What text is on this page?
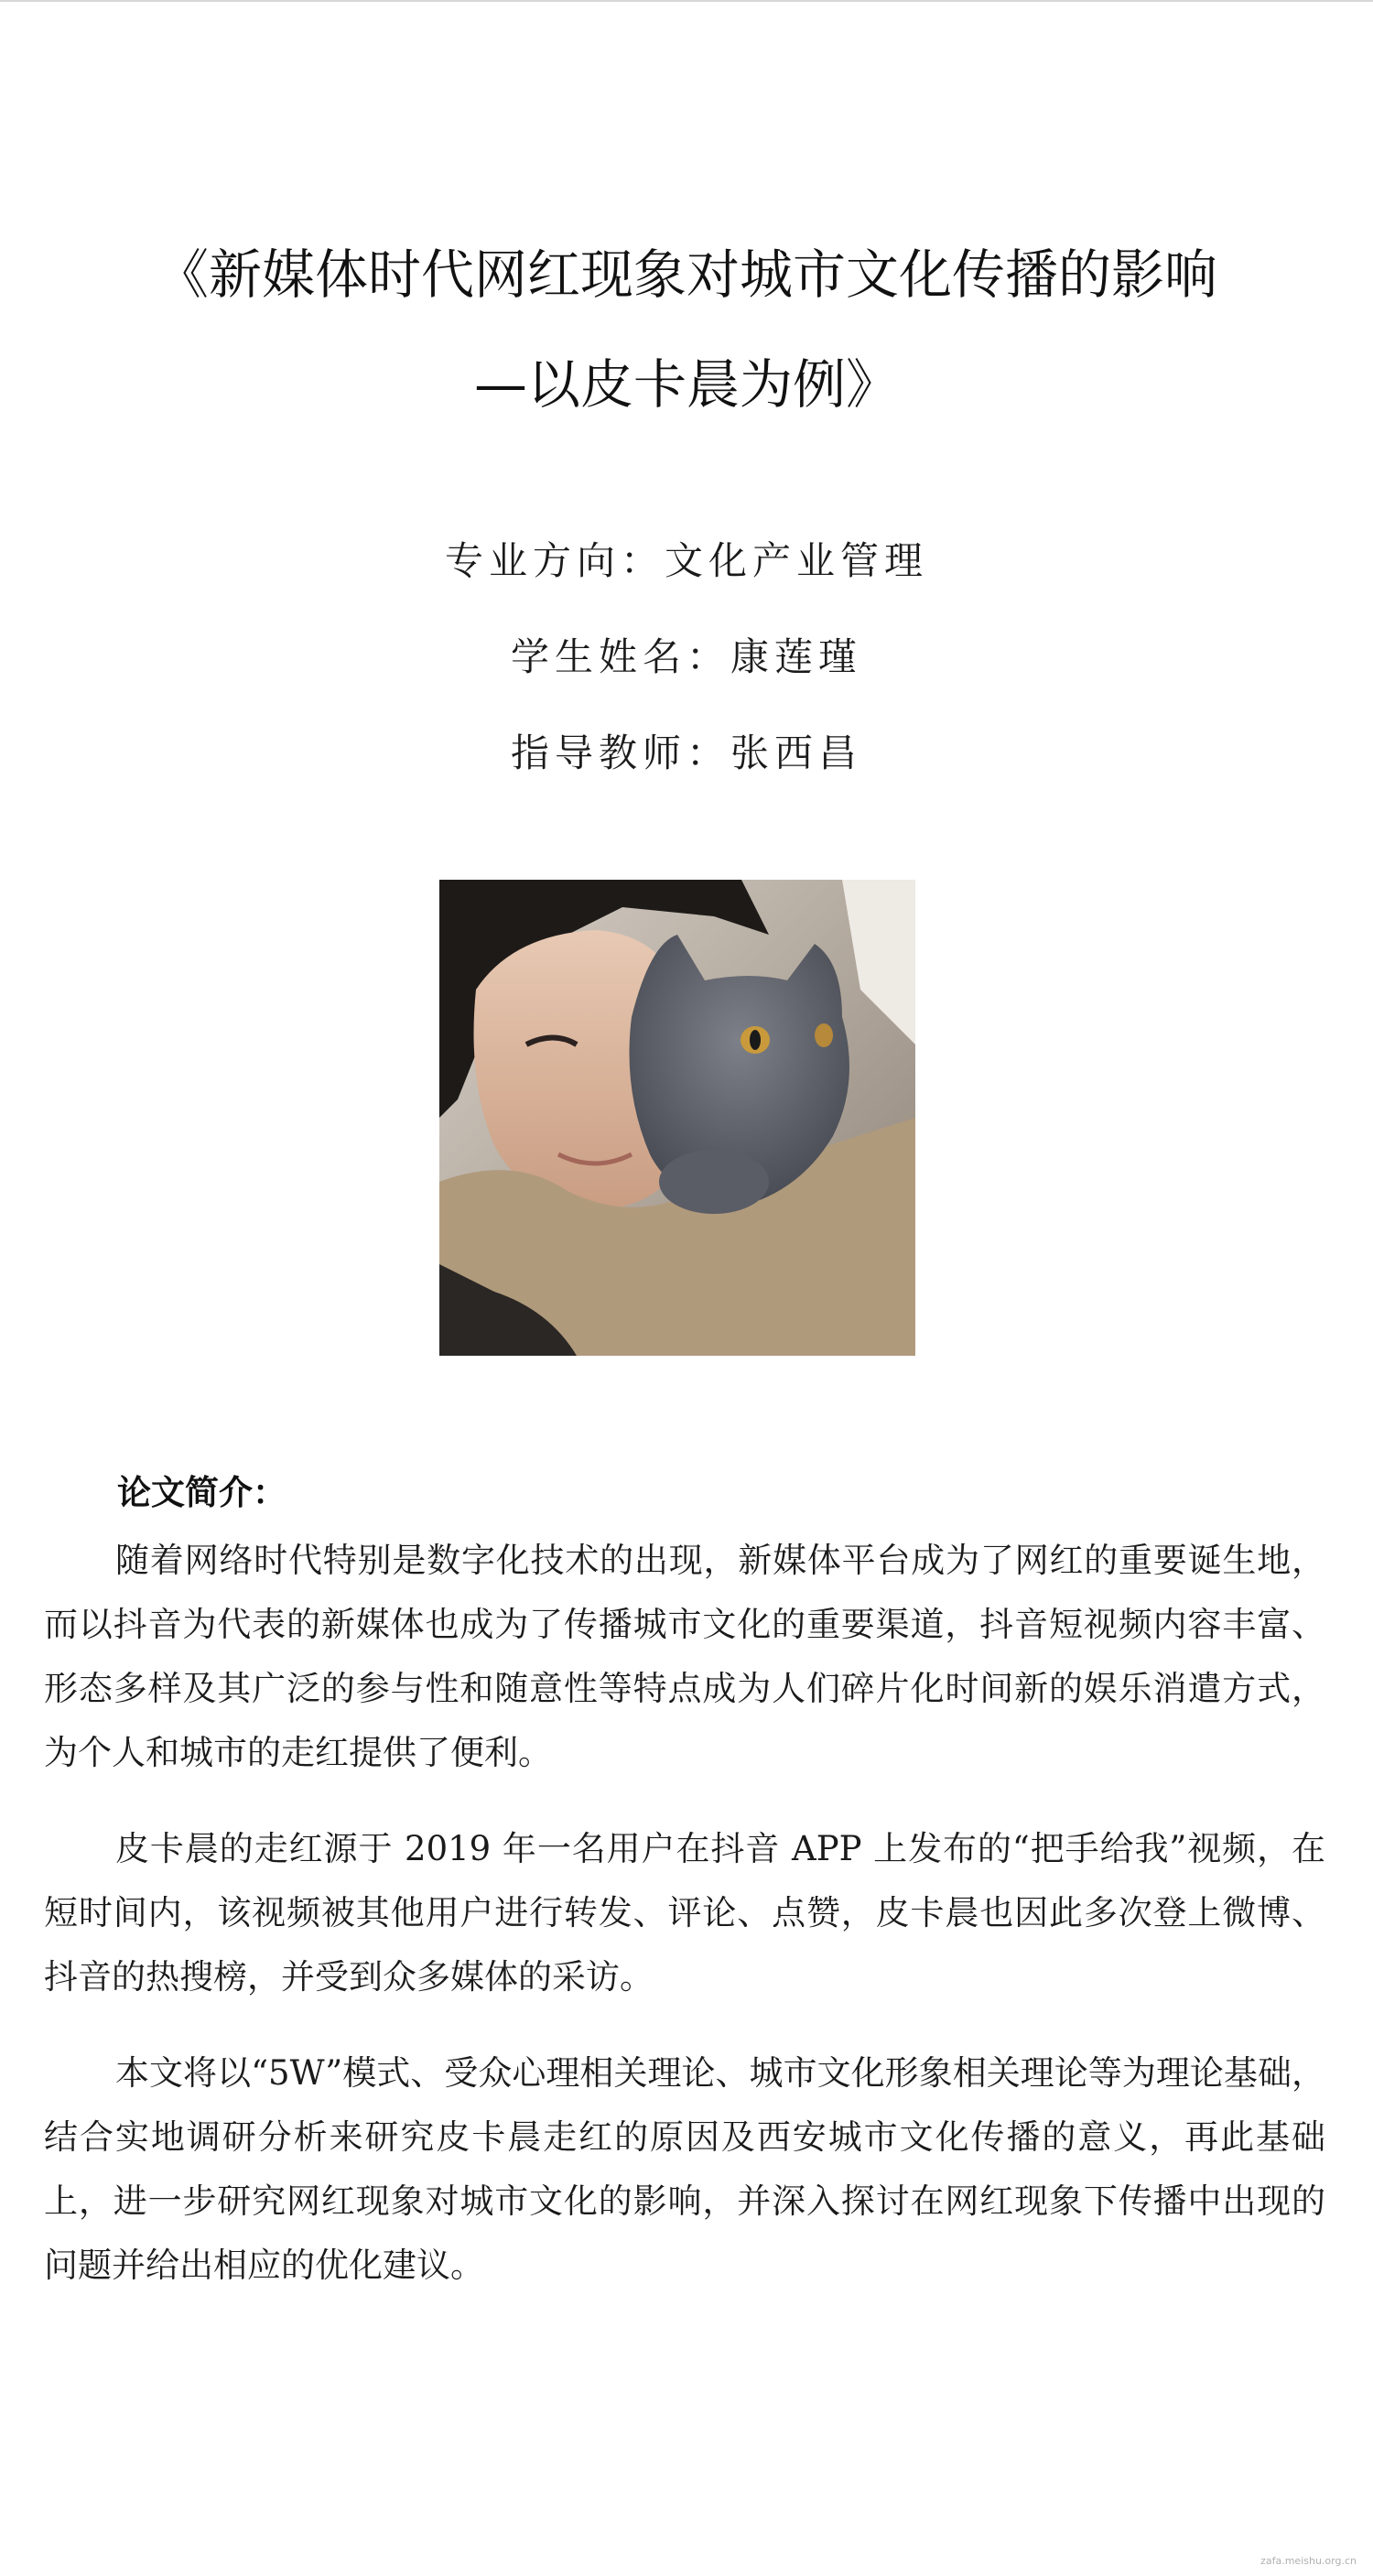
《新媒体时代网红现象对城市文化传播的影响
—以皮卡晨为例》
专业方向：文化产业管理
学生姓名：康莲瑾
指导教师：张西昌
论文简介：
随着网络时代特别是数字化技术的出现，新媒体平台成为了网红的重要诞生地，而以抖音为代表的新媒体也成为了传播城市文化的重要渠道，抖音短视频内容丰富、形态多样及其广泛的参与性和随意性等特点成为人们碎片化时间新的娱乐消遣方式，为个人和城市的走红提供了便利。
皮卡晨的走红源于 2019 年一名用户在抖音 APP 上发布的“把手给我”视频，在短时间内，该视频被其他用户进行转发、评论、点赞，皮卡晨也因此多次登上微博、抖音的热搜榜，并受到众多媒体的采访。
本文将以“5W”模式、受众心理相关理论、城市文化形象相关理论等为理论基础，结合实地调研分析来研究皮卡晨走红的原因及西安城市文化传播的意义，再此基础上，进一步研究网红现象对城市文化的影响，并深入探讨在网红现象下传播中出现的问题并给出相应的优化建议。
zafa.meishu.org.cn
